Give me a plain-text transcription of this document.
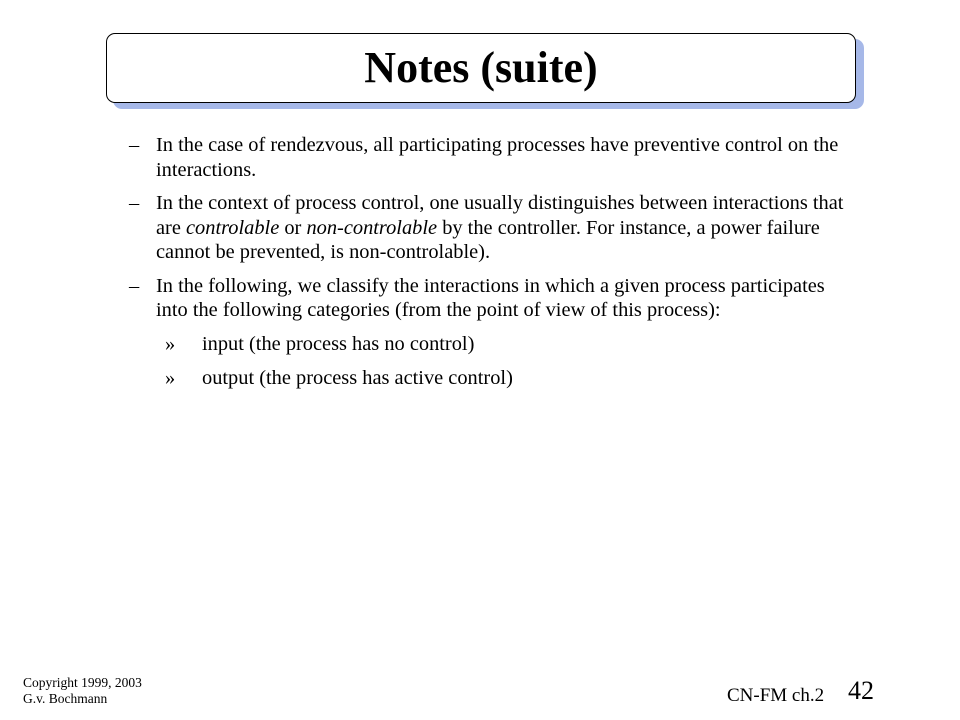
Notes (suite)
– In the case of rendezvous, all participating processes have preventive control on the interactions.
– In the context of process control, one usually distinguishes between interactions that are controlable or non-controlable by the controller. For instance, a power failure cannot be prevented, is non-controlable).
– In the following, we classify the interactions in which a given process participates into the following categories (from the point of view of this process):
» input (the process has no control)
» output (the process has active control)
Copyright 1999, 2003
G.v. Bochmann	CN-FM ch.2 42
